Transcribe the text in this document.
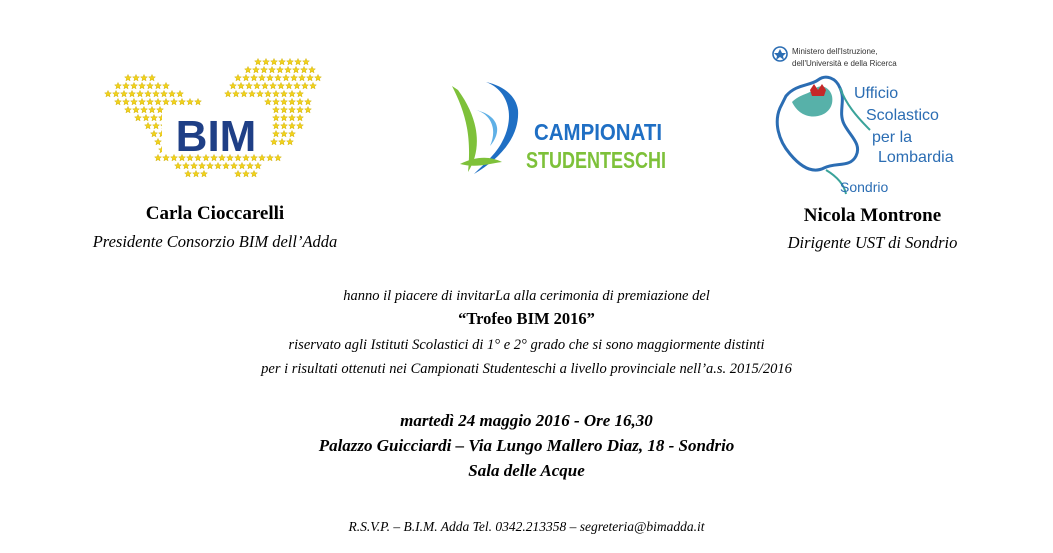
BIM	CAMPIONATI
STUDENTESCHI
Ministero dell'Istruzione,
dell'Università e della Ricerca
Ufficio
Scolastico
per la
Lombardia
Sondrio
Carla Cioccarelli
Presidente Consorzio BIM dell’Adda
Nicola Montrone
Dirigente UST di Sondrio
hanno il piacere di invitarLa alla cerimonia di premiazione del
“Trofeo BIM 2016”
riservato agli Istituti Scolastici di 1° e 2° grado che si sono maggiormente distinti
per i risultati ottenuti nei Campionati Studenteschi a livello provinciale nell’a.s. 2015/2016
martedì 24 maggio 2016 - Ore 16,30
Palazzo Guicciardi – Via Lungo Mallero Diaz, 18 - Sondrio
Sala delle Acque
R.S.V.P. – B.I.M. Adda Tel. 0342.213358 – segreteria@bimadda.it
